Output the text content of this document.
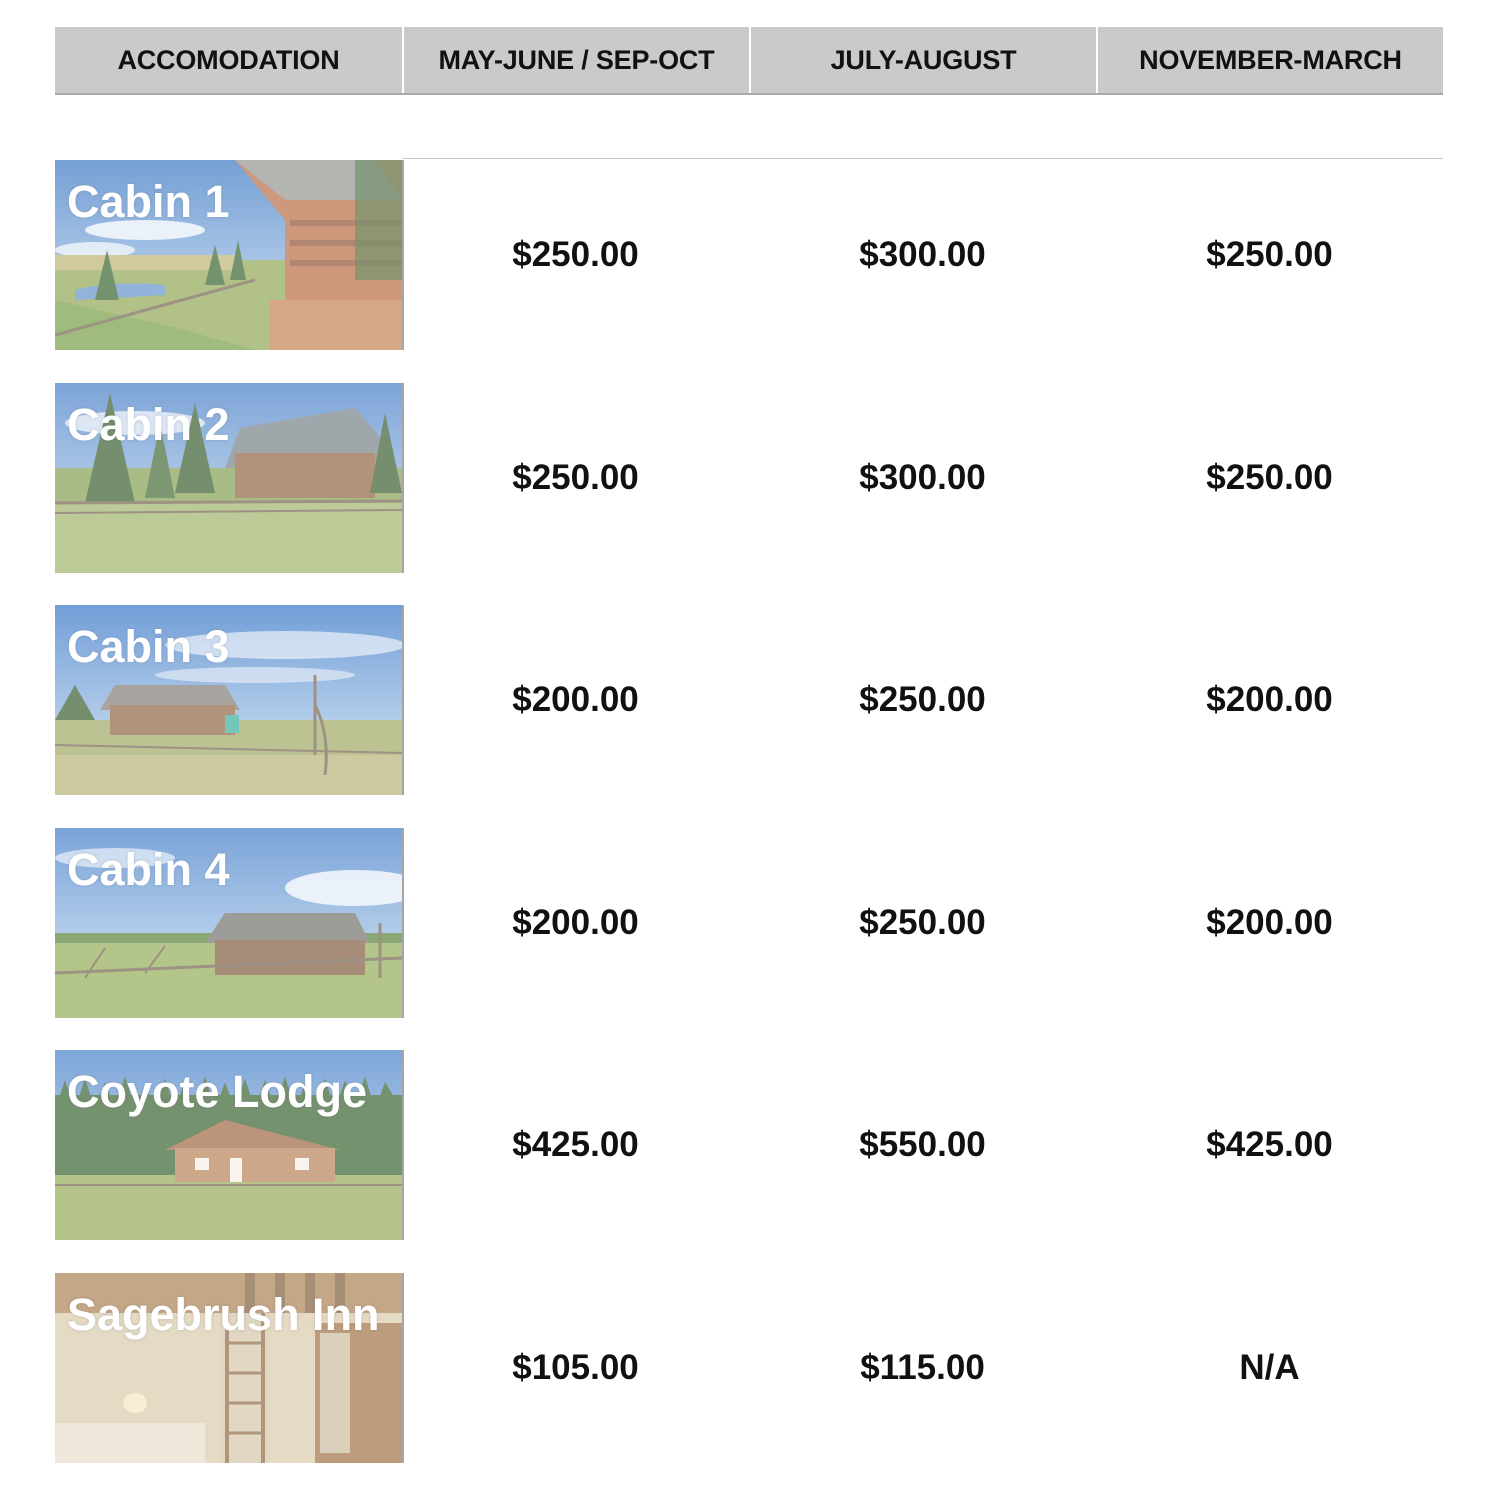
ACCOMODATION	MAY-JUNE / SEP-OCT	JULY-AUGUST	NOVEMBER-MARCH
Cabin 1
$250.00	$300.00	$250.00
Cabin 2
$250.00	$300.00	$250.00
Cabin 3
$200.00	$250.00	$200.00
Cabin 4
$200.00	$250.00	$200.00
Coyote Lodge
$425.00	$550.00	$425.00
Sagebrush Inn
$105.00	$115.00	N/A
